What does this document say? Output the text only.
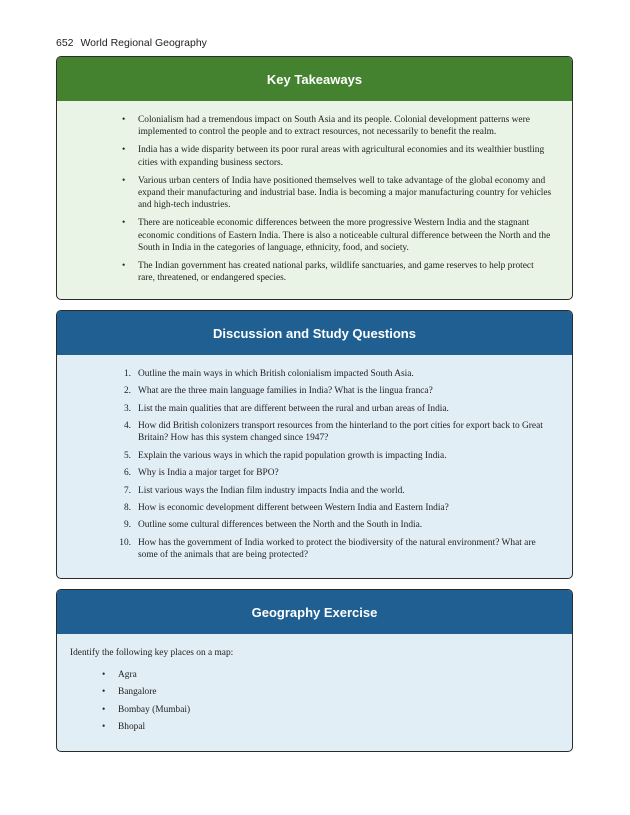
652 World Regional Geography
Key Takeaways
• Colonialism had a tremendous impact on South Asia and its people. Colonial development patterns were implemented to control the people and to extract resources, not necessarily to benefit the realm.
• India has a wide disparity between its poor rural areas with agricultural economies and its wealthier bustling cities with expanding business sectors.
• Various urban centers of India have positioned themselves well to take advantage of the global economy and expand their manufacturing and industrial base. India is becoming a major manufacturing country for vehicles and high-tech industries.
• There are noticeable economic differences between the more progressive Western India and the stagnant economic conditions of Eastern India. There is also a noticeable cultural difference between the North and the South in India in the categories of language, ethnicity, food, and society.
• The Indian government has created national parks, wildlife sanctuaries, and game reserves to help protect rare, threatened, or endangered species.
Discussion and Study Questions
1. Outline the main ways in which British colonialism impacted South Asia.
2. What are the three main language families in India? What is the lingua franca?
3. List the main qualities that are different between the rural and urban areas of India.
4. How did British colonizers transport resources from the hinterland to the port cities for export back to Great Britain? How has this system changed since 1947?
5. Explain the various ways in which the rapid population growth is impacting India.
6. Why is India a major target for BPO?
7. List various ways the Indian film industry impacts India and the world.
8. How is economic development different between Western India and Eastern India?
9. Outline some cultural differences between the North and the South in India.
10. How has the government of India worked to protect the biodiversity of the natural environment? What are some of the animals that are being protected?
Geography Exercise
Identify the following key places on a map:
• Agra
• Bangalore
• Bombay (Mumbai)
• Bhopal
